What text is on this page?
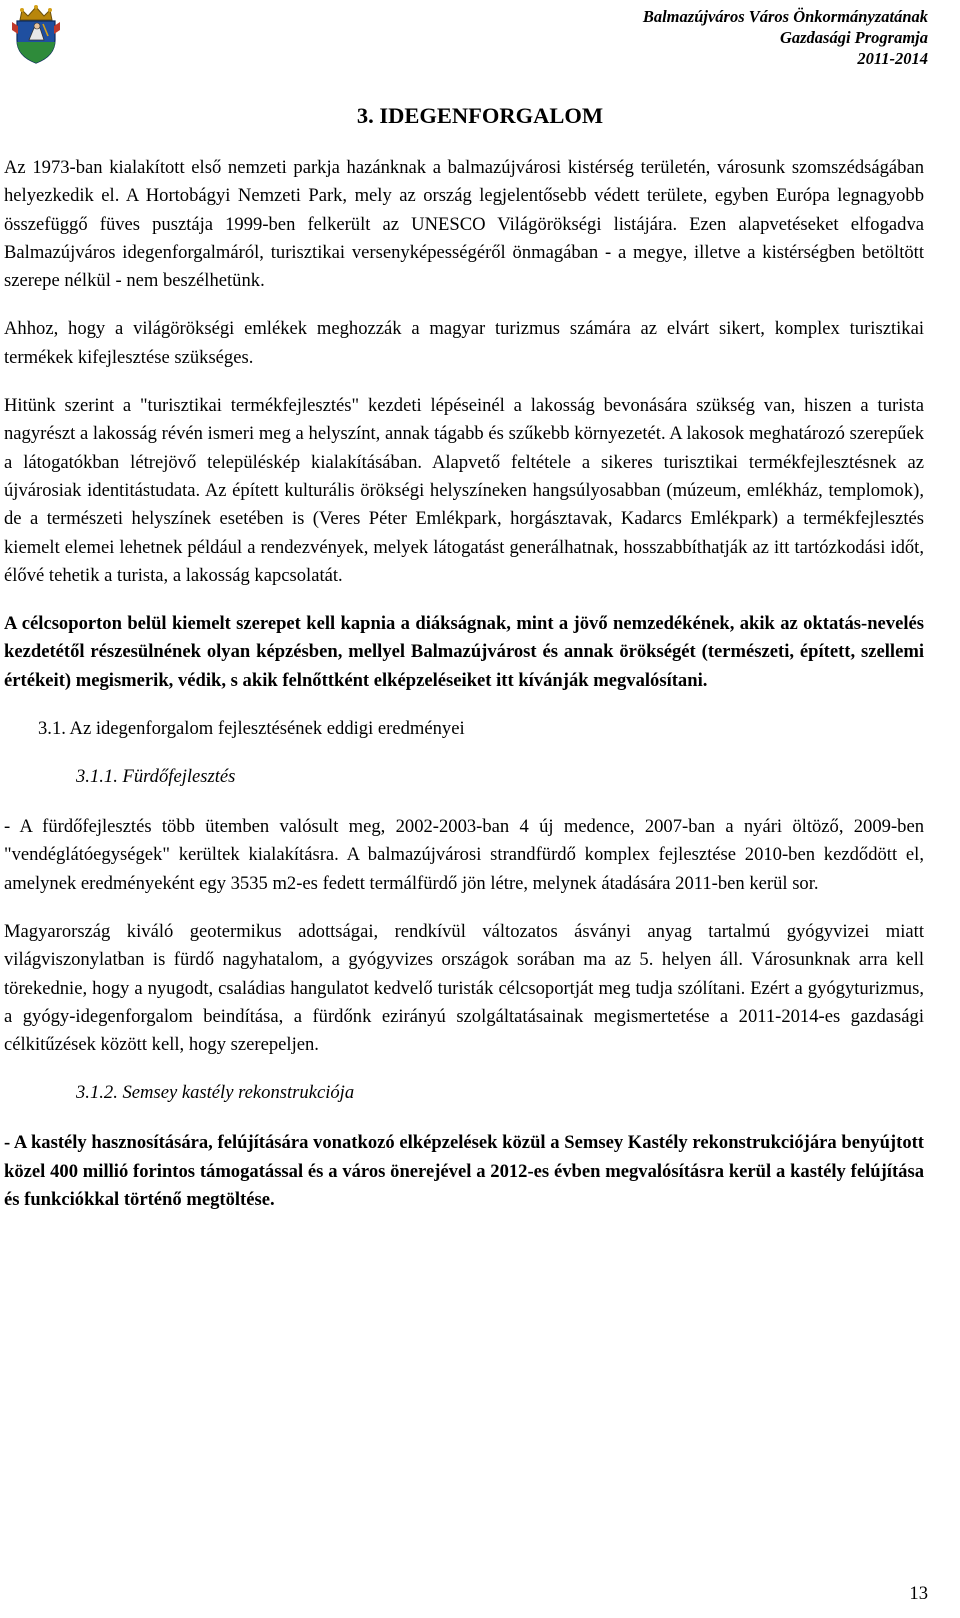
Balmazújváros Város Önkormányzatának
Gazdasági Programja
2011-2014
3. IDEGENFORGALOM

Az 1973-ban kialakított első nemzeti parkja hazánknak a balmazújvárosi kistérség területén, városunk szomszédságában helyezkedik el. A Hortobágyi Nemzeti Park, mely az ország legjelentősebb védett területe, egyben Európa legnagyobb összefüggő füves pusztája 1999-ben felkerült az UNESCO Világörökségi listájára. Ezen alapvetéseket elfogadva Balmazújváros idegenforgalmáról, turisztikai versenyképességéről önmagában - a megye, illetve a kistérségben betöltött szerepe nélkül - nem beszélhetünk.

Ahhoz, hogy a világörökségi emlékek meghozzák a magyar turizmus számára az elvárt sikert, komplex turisztikai termékek kifejlesztése szükséges.

Hitünk szerint a "turisztikai termékfejlesztés" kezdeti lépéseinél a lakosság bevonására szükség van, hiszen a turista nagyrészt a lakosság révén ismeri meg a helyszínt, annak tágabb és szűkebb környezetét. A lakosok meghatározó szerepűek a látogatókban létrejövő településkép kialakításában. Alapvető feltétele a sikeres turisztikai termékfejlesztésnek az újvárosiak identitástudata. Az épített kulturális örökségi helyszíneken hangsúlyosabban (múzeum, emlékház, templomok), de a természeti helyszínek esetében is (Veres Péter Emlékpark, horgásztavak, Kadarcs Emlékpark) a termékfejlesztés kiemelt elemei lehetnek például a rendezvények, melyek látogatást generálhatnak, hosszabbíthatják az itt tartózkodási időt, élővé tehetik a turista, a lakosság kapcsolatát.

A célcsoporton belül kiemelt szerepet kell kapnia a diákságnak, mint a jövő nemzedékének, akik az oktatás-nevelés kezdetétől részesülnének olyan képzésben, mellyel Balmazújvárost és annak örökségét (természeti, épített, szellemi értékeit) megismerik, védik, s akik felnőttként elképzeléseiket itt kívánják megvalósítani.

3.1. Az idegenforgalom fejlesztésének eddigi eredményei
3.1.1. Fürdőfejlesztés

- A fürdőfejlesztés több ütemben valósult meg, 2002-2003-ban 4 új medence, 2007-ban a nyári öltöző, 2009-ben "vendéglátóegységek" kerültek kialakításra. A balmazújvárosi strandfürdő komplex fejlesztése 2010-ben kezdődött el, amelynek eredményeként egy 3535 m2-es fedett termálfürdő jön létre, melynek átadására 2011-ben kerül sor.

Magyarország kiváló geotermikus adottságai, rendkívül változatos ásványi anyag tartalmú gyógyvizei miatt világviszonylatban is fürdő nagyhatalom, a gyógyvizes országok sorában ma az 5. helyen áll. Városunknak arra kell törekednie, hogy a nyugodt, családias hangulatot kedvelő turisták célcsoportját meg tudja szólítani. Ezért a gyógyturizmus, a gyógy-idegenforgalom beindítása, a fürdőnk ezirányú szolgáltatásainak megismertetése a 2011-2014-es gazdasági célkitűzések között kell, hogy szerepeljen.

3.1.2. Semsey kastély rekonstrukciója

- A kastély hasznosítására, felújítására vonatkozó elképzelések közül a Semsey Kastély rekonstrukciójára benyújtott közel 400 millió forintos támogatással és a város önerejével a 2012-es évben megvalósításra kerül a kastély felújítása és funkciókkal történő megtöltése.

13
